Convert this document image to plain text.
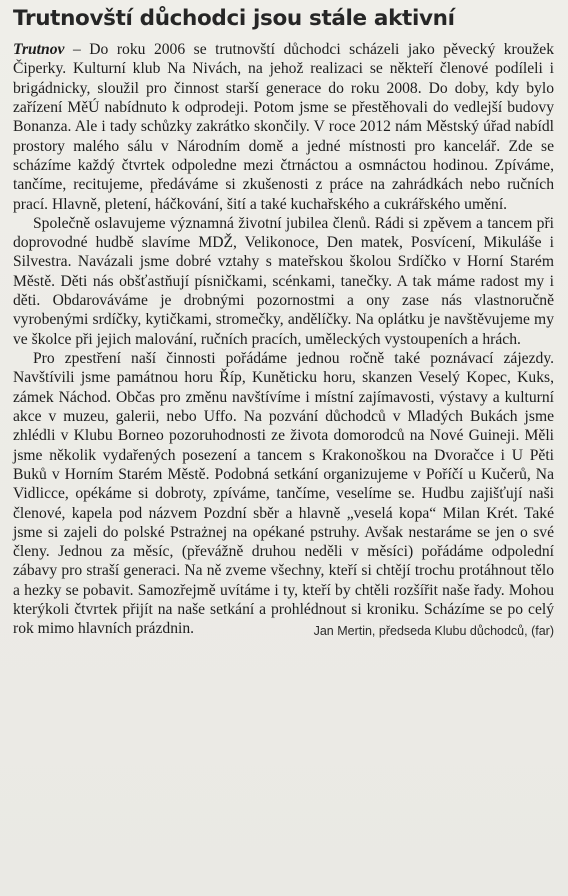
Trutnovští důchodci jsou stále aktivní

Trutnov – Do roku 2006 se trutnovští důchodci scházeli jako pěvecký kroužek Čiperky. Kulturní klub Na Nivách, na jehož realizaci se někteří členové podíleli i brigádnicky, sloužil pro činnost starší generace do roku 2008. Do doby, kdy bylo zařízení MěÚ nabídnuto k odprodeji. Potom jsme se přestěhovali do vedlejší budovy Bonanza. Ale i tady schůzky zakrátko skončily. V roce 2012 nám Městský úřad nabídl prostory malého sálu v Národním domě a jedné místnosti pro kancelář. Zde se scházíme každý čtvrtek odpoledne mezi čtrnáctou a osmnáctou hodinou. Zpíváme, tančíme, recitujeme, předáváme si zkušenosti z práce na zahrádkách nebo ručních prací. Hlavně, pletení, háčkování, šití a také kuchařského a cukrářského umění.

Společně oslavujeme významná životní jubilea členů. Rádi si zpěvem a tancem při doprovodné hudbě slavíme MDŽ, Velikonoce, Den matek, Posvícení, Mikuláše i Silvestra. Navázali jsme dobré vztahy s mateřskou školou Srdíčko v Horní Starém Městě. Děti nás obšťastňují písničkami, scénkami, tanečky. A tak máme radost my i děti. Obdarováváme je drobnými pozornostmi a ony zase nás vlastnoručně vyrobenými srdíčky, kytičkami, stromečky, andělíčky. Na oplátku je navštěvujeme my ve školce při jejich malování, ručních pracích, uměleckých vystoupeních a hrách.

Pro zpestření naší činnosti pořádáme jednou ročně také poznávací zájezdy. Navštívili jsme památnou horu Říp, Kuněticku horu, skanzen Veselý Kopec, Kuks, zámek Náchod. Občas pro změnu navštívíme i místní zajímavosti, výstavy a kulturní akce v muzeu, galerii, nebo Uffo. Na pozvání důchodců v Mladých Bukách jsme zhlédli v Klubu Borneo pozoruhodnosti ze života domorodců na Nové Guineji. Měli jsme několik vydařených posezení a tancem s Krakonoškou na Dvoračce i U Pěti Buků v Horním Starém Městě. Podobná setkání organizujeme v Poříčí u Kučerů, Na Vidlicce, opékáme si dobroty, zpíváme, tančíme, veselíme se. Hudbu zajišťují naši členové, kapela pod názvem Pozdní sběr a hlavně „veselá kopa“ Milan Krét. Také jsme si zajeli do polské Pstrażnej na opékané pstruhy. Avšak nestaráme se jen o své členy. Jednou za měsíc, (převážně druhou neděli v měsíci) pořádáme odpolední zábavy pro straší generaci. Na ně zveme všechny, kteří si chtějí trochu protáhnout tělo a hezky se pobavit. Samozřejmě uvítáme i ty, kteří by chtěli rozšířit naše řady. Mohou kterýkoli čtvrtek přijít na naše setkání a prohlédnout si kroniku. Scházíme se po celý rok mimo hlavních prázdnin.	Jan Mertin, předseda Klubu důchodců, (far)
